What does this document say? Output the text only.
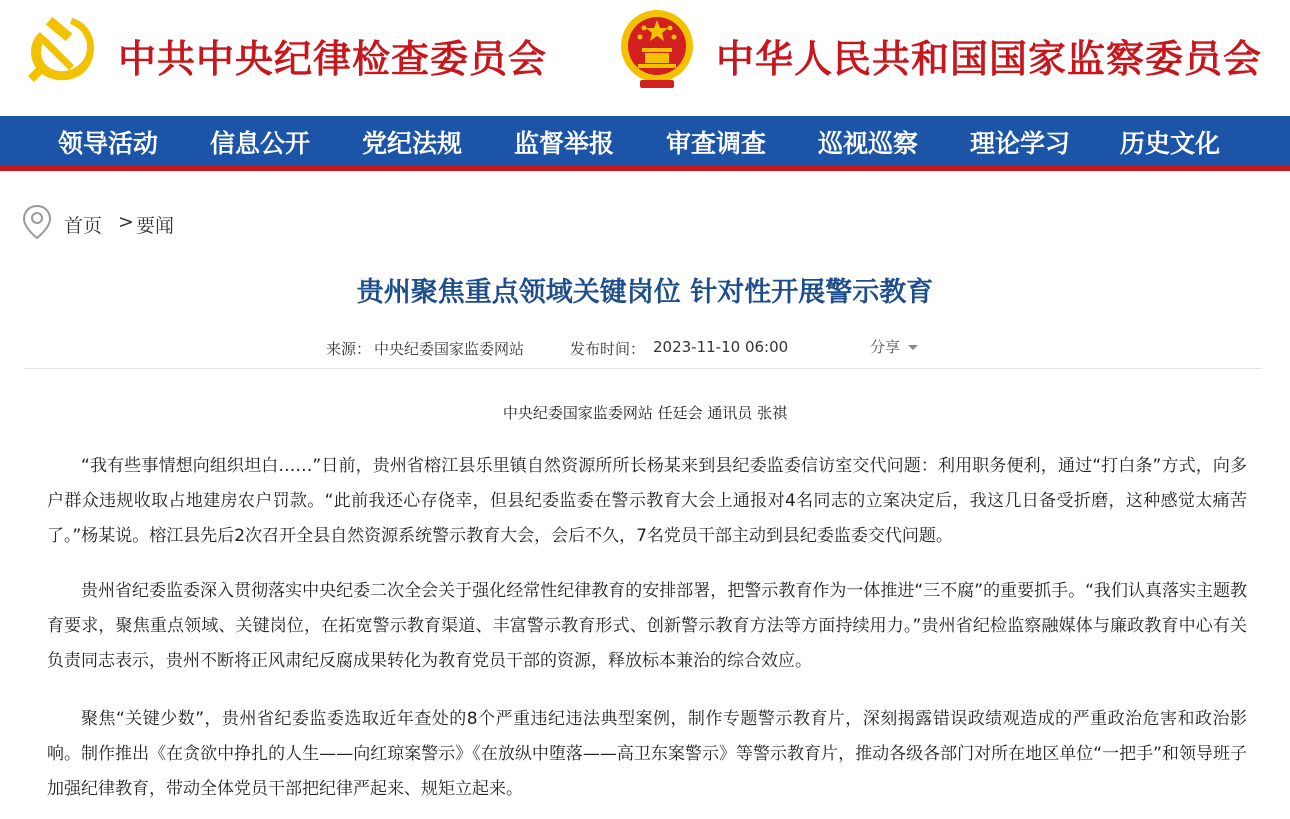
中共中央纪律检查委员会	中华人民共和国国家监察委员会
领导活动 信息公开 党纪法规 监督举报 审查调查 巡视巡察 理论学习 历史文化
首页 > 要闻
贵州聚焦重点领域关键岗位 针对性开展警示教育
来源： 中央纪委国家监委网站	发布时间： 2023-11-10 06:00	分享
中央纪委国家监委网站 任廷会 通讯员 张祺

“我有些事情想向组织坦白……”日前，贵州省榕江县乐里镇自然资源所所长杨某来到县纪委监委信访室交代问题：利用职务便利，通过“打白条”方式，向多户群众违规收取占地建房农户罚款。“此前我还心存侥幸，但县纪委监委在警示教育大会上通报对4名同志的立案决定后，我这几日备受折磨，这种感觉太痛苦了。”杨某说。榕江县先后2次召开全县自然资源系统警示教育大会，会后不久，7名党员干部主动到县纪委监委交代问题。

贵州省纪委监委深入贯彻落实中央纪委二次全会关于强化经常性纪律教育的安排部署，把警示教育作为一体推进“三不腐”的重要抓手。“我们认真落实主题教育要求，聚焦重点领域、关键岗位，在拓宽警示教育渠道、丰富警示教育形式、创新警示教育方法等方面持续用力。”贵州省纪检监察融媒体与廉政教育中心有关负责同志表示，贵州不断将正风肃纪反腐成果转化为教育党员干部的资源，释放标本兼治的综合效应。

聚焦“关键少数”，贵州省纪委监委选取近年查处的8个严重违纪违法典型案例，制作专题警示教育片，深刻揭露错误政绩观造成的严重政治危害和政治影响。制作推出《在贪欲中挣扎的人生——向红琼案警示》《在放纵中堕落——高卫东案警示》等警示教育片，推动各级各部门对所在地区单位“一把手”和领导班子加强纪律教育，带动全体党员干部把纪律严起来、规矩立起来。
